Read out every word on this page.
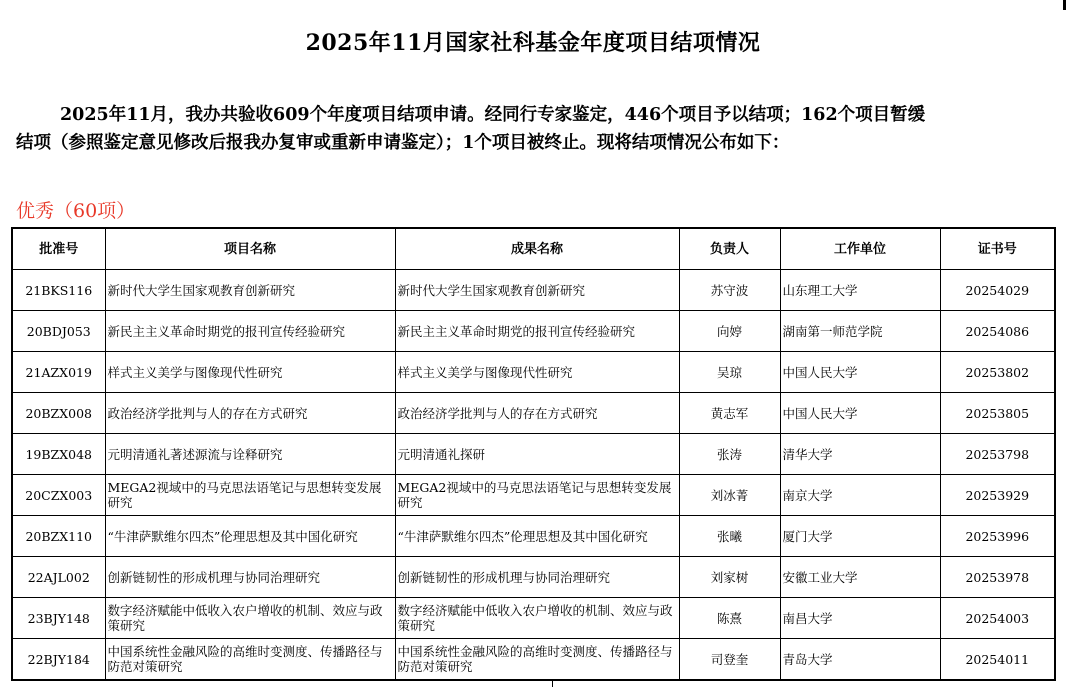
2025年11月国家社科基金年度项目结项情况

2025年11月，我办共验收609个年度项目结项申请。经同行专家鉴定，446个项目予以结项；162个项目暂缓

结项（参照鉴定意见修改后报我办复审或重新申请鉴定）；1个项目被终止。现将结项情况公布如下：

优秀（60项）
批准号	项目名称	成果名称	负责人	工作单位	证书号
21BKS116	新时代大学生国家观教育创新研究	新时代大学生国家观教育创新研究	苏守波	山东理工大学	20254029
20BDJ053	新民主主义革命时期党的报刊宣传经验研究	新民主主义革命时期党的报刊宣传经验研究	向婷	湖南第一师范学院	20254086
21AZX019	样式主义美学与图像现代性研究	样式主义美学与图像现代性研究	吴琼	中国人民大学	20253802
20BZX008	政治经济学批判与人的存在方式研究	政治经济学批判与人的存在方式研究	黄志军	中国人民大学	20253805
19BZX048	元明清通礼著述源流与诠释研究	元明清通礼探研	张涛	清华大学	20253798
20CZX003	MEGA2视域中的马克思法语笔记与思想转变发展研究	MEGA2视域中的马克思法语笔记与思想转变发展研究	刘冰菁	南京大学	20253929
20BZX110	“牛津萨默维尔四杰”伦理思想及其中国化研究	“牛津萨默维尔四杰”伦理思想及其中国化研究	张曦	厦门大学	20253996
22AJL002	创新链韧性的形成机理与协同治理研究	创新链韧性的形成机理与协同治理研究	刘家树	安徽工业大学	20253978
23BJY148	数字经济赋能中低收入农户增收的机制、效应与政策研究	数字经济赋能中低收入农户增收的机制、效应与政策研究	陈熹	南昌大学	20254003
22BJY184	中国系统性金融风险的高维时变测度、传播路径与防范对策研究	中国系统性金融风险的高维时变测度、传播路径与防范对策研究	司登奎	青岛大学	20254011
